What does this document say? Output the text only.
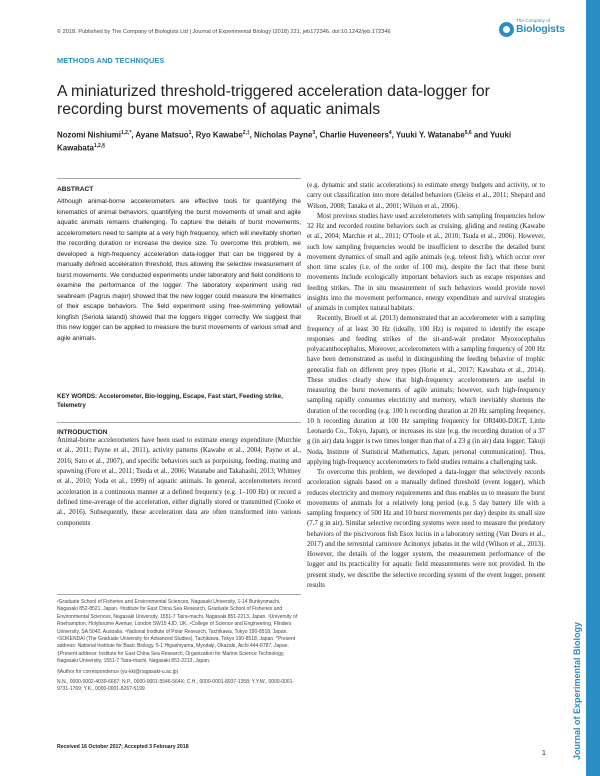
© 2018. Published by The Company of Biologists Ltd | Journal of Experimental Biology (2018) 221, jeb172346. doi:10.1242/jeb.172346
The Company of
Biologists
METHODS AND TECHNIQUES
A miniaturized threshold-triggered acceleration data-logger for recording burst movements of aquatic animals
Nozomi Nishiumi$^{1,2,*}$, Ayane Matsuo$^1$, Ryo Kawabe$^{2,\ddagger}$, Nicholas Payne$^3$, Charlie Huveneers$^4$, Yuuki Y. Watanabe$^{5,6}$ and Yuuki Kawabata$^{1,2,\S}$
ABSTRACT

Although animal-borne accelerometers are effective tools for quantifying the kinematics of animal behaviors, quantifying the burst movements of small and agile aquatic animals remains challenging. To capture the details of burst movements, accelerometers need to sample at a very high frequency, which will inevitably shorten the recording duration or increase the device size. To overcome this problem, we developed a high-frequency acceleration data-logger that can be triggered by a manually defined acceleration threshold, thus allowing the selective measurement of burst movements. We conducted experiments under laboratory and field conditions to examine the performance of the logger. The laboratory experiment using red seabream (Pagrus major) showed that the new logger could measure the kinematics of their escape behaviors. The field experiment using free-swimming yellowtail kingfish (Seriola lalandi) showed that the loggers trigger correctly. We suggest that this new logger can be applied to measure the burst movements of various small and agile animals.

KEY WORDS: Accelerometer, Bio-logging, Escape, Fast start, Feeding strike, Telemetry

INTRODUCTION

Animal-borne accelerometers have been used to estimate energy expenditure (Murchie et al., 2011; Payne et al., 2011), activity patterns (Kawabe et al., 2004; Payne et al., 2016; Sato et al., 2007), and specific behaviors such as porpoising, feeding, mating and spawning (Fore et al., 2011; Tsuda et al., 2006; Watanabe and Takahashi, 2013; Whitney et al., 2010; Yoda et al., 1999) of aquatic animals. In general, accelerometers record acceleration in a continuous manner at a defined frequency (e.g. 1–100 Hz) or record a defined time-average of the acceleration, either digitally stored or transmitted (Cooke et al., 2016). Subsequently, these acceleration data are often transformed into various components

(e.g. dynamic and static accelerations) to estimate energy budgets and activity, or to carry out classification into more detailed behaviors (Gleiss et al., 2011; Shepard and Wilson, 2008; Tanaka et al., 2001; Wilson et al., 2006).

Most previous studies have used accelerometers with sampling frequencies below 32 Hz and recorded routine behaviors such as cruising, gliding and resting (Kawabe et al., 2004; Marchie et al., 2011; O'Toole et al., 2010; Tsuda et al., 2006). However, such low sampling frequencies would be insufficient to describe the detailed burst movement dynamics of small and agile animals (e.g. teleost fish), which occur over short time scales (i.e. of the order of 100 ms), despite the fact that these burst movements include ecologically important behaviors such as escape responses and feeding strikes. The in situ measurement of such behaviors would provide novel insights into the movement performance, energy expenditure and survival strategies of animals in complex natural habitats.

Recently, Broell et al. (2013) demonstrated that an accelerometer with a sampling frequency of at least 30 Hz (ideally, 100 Hz) is required to identify the escape responses and feeding strikes of the sit-and-wait predator Myoxocephalus polyacanthocephalus. Moreover, accelerometers with a sampling frequency of 200 Hz have been demonstrated as useful in distinguishing the feeding behavior of trophic generalist fish on different prey types (Horie et al., 2017; Kawabata et al., 2014). These studies clearly show that high-frequency accelerometers are useful in measuring the burst movements of agile animals; however, such high-frequency sampling rapidly consumes electricity and memory, which inevitably shortens the duration of the recording (e.g. 100 h recording duration at 20 Hz sampling frequency, 10 h recording duration at 100 Hz sampling frequency for ORI400-D3GT, Little Leonardo Co., Tokyo, Japan), or increases its size [e.g. the recording duration of a 37 g (in air) data logger is two times longer than that of a 23 g (in air) data logger; Takuji Noda, Institute of Statistical Mathematics, Japan, personal communication]. Thus, applying high-frequency accelerometers to field studies remains a challenging task.

To overcome this problem, we developed a data-logger that selectively records acceleration signals based on a manually defined threshold (event logger), which reduces electricity and memory requirements and thus enables us to measure the burst movements of animals for a relatively long period (e.g. 5 day battery life with a sampling frequency of 500 Hz and 10 burst movements per day) despite its small size (7.7 g in air). Similar selective recording systems were used to measure the predatory behaviors of the piscivorous fish Esox lucius in a laboratory setting (Van Deurs et al., 2017) and the terrestrial carnivore Acinonyx jubatus in the wild (Wilson et al., 2013). However, the details of the logger system, the measurement performance of the logger and its practicality for aquatic field measurements were not provided. In the present study, we describe the selective recording system of the event logger, present results

¹Graduate School of Fisheries and Environmental Sciences, Nagasaki University, 1-14 Bunkyomachi, Nagasaki 852-8521, Japan. ²Institute for East China Sea Research, Graduate School of Fisheries and Environmental Sciences, Nagasaki University, 1551-7 Taira-machi, Nagasaki 851-2213, Japan. ³University of Roehampton, Holybourne Avenue, London SW15 4JD, UK. ⁴College of Science and Engineering, Flinders University, SA 5042, Australia. ⁵National Institute of Polar Research, Tachikawa, Tokyo 190-8518, Japan. ⁶SOKENDAI (The Graduate University for Advanced Studies), Tachikawa, Tokyo 190-8518, Japan. *Present address: National Institute for Basic Biology, 5-1 Higashiyama, Myodaiji, Okazaki, Aichi 444-8787, Japan. ‡Present address: Institute for East China Sea Research, Organization for Marine Science Technology, Nagasaki University, 1551-7 Taira-machi, Nagasaki 851-2213, Japan.

§Author for correspondence (yu-kki@nagasaki-u.ac.jp)

N.N., 0000-0002-4030-6667; N.P., 0000-0001-5546-564X; C.H., 0000-0001-8937-1358; Y.Y.W., 0000-0001-9731-1769; Y.K., 0000-0001-8267-5199

Received 16 October 2017; Accepted 3 February 2018	Journal of Experimental Biology
1
